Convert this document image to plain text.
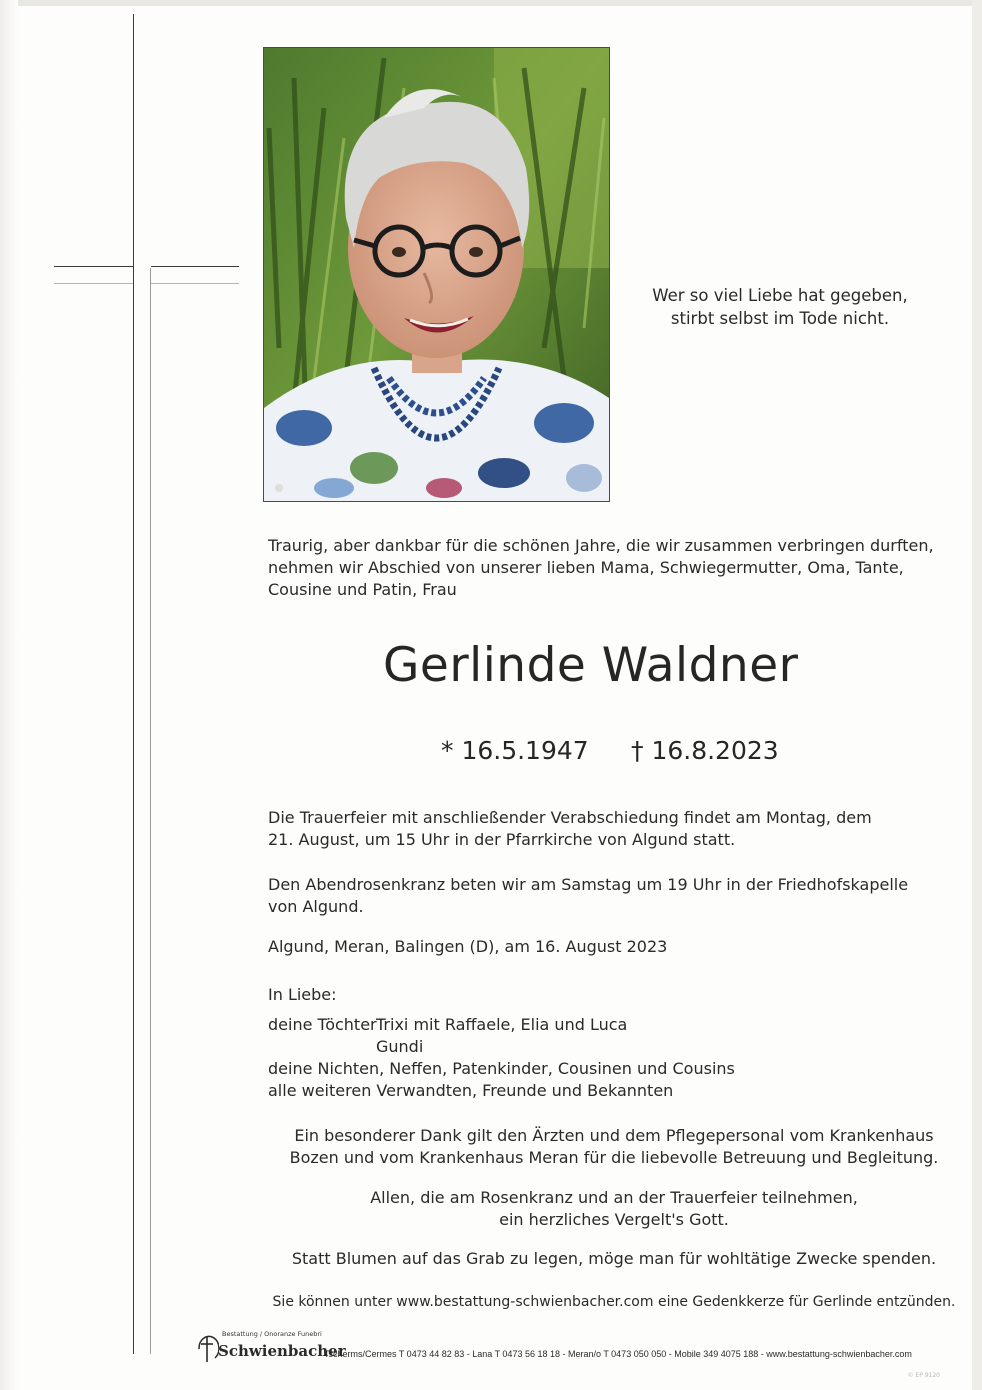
Wer so viel Liebe hat gegeben,
stirbt selbst im Tode nicht.
Traurig, aber dankbar für die schönen Jahre, die wir zusammen verbringen durften,
nehmen wir Abschied von unserer lieben Mama, Schwiegermutter, Oma, Tante,
Cousine und Patin, Frau
Gerlinde Waldner
* 16.5.1947 † 16.8.2023
Die Trauerfeier mit anschließender Verabschiedung findet am Montag, dem
21. August, um 15 Uhr in der Pfarrkirche von Algund statt.
Den Abendrosenkranz beten wir am Samstag um 19 Uhr in der Friedhofskapelle
von Algund.
Algund, Meran, Balingen (D), am 16. August 2023
In Liebe:
deine Töchter Trixi mit Raffaele, Elia und Luca
Gundi
deine Nichten, Neffen, Patenkinder, Cousinen und Cousins
alle weiteren Verwandten, Freunde und Bekannten
Ein besonderer Dank gilt den Ärzten und dem Pflegepersonal vom Krankenhaus
Bozen und vom Krankenhaus Meran für die liebevolle Betreuung und Begleitung.
Allen, die am Rosenkranz und an der Trauerfeier teilnehmen,
ein herzliches Vergelt's Gott.
Statt Blumen auf das Grab zu legen, möge man für wohltätige Zwecke spenden.
Sie können unter www.bestattung-schwienbacher.com eine Gedenkkerze für Gerlinde entzünden.
Bestattung / Onoranze Funebri
Schwienbacher
Tscherms/Cermes T 0473 44 82 83 - Lana T 0473 56 18 18 - Meran/o T 0473 050 050 - Mobile 349 4075 188 - www.bestattung-schwienbacher.com
© EP 9120
